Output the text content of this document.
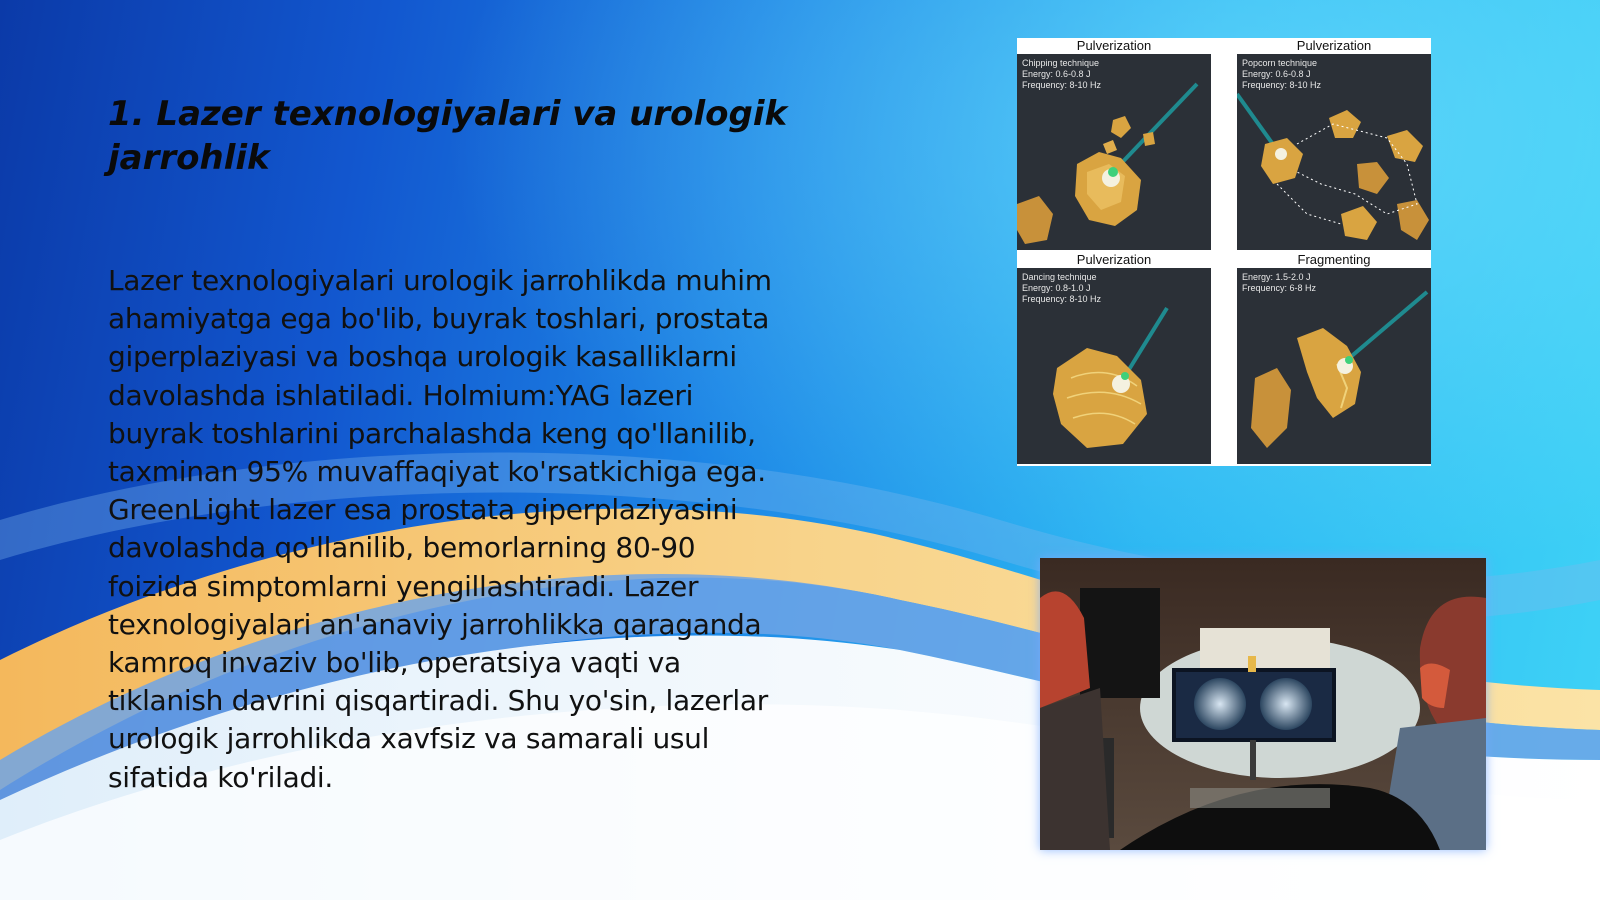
1. Lazer texnologiyalari va urologik jarrohlik

Lazer texnologiyalari urologik jarrohlikda muhim ahamiyatga ega bo'lib, buyrak toshlari, prostata giperplaziyasi va boshqa urologik kasalliklarni davolashda ishlatiladi. Holmium:YAG lazeri buyrak toshlarini parchalashda keng qo'llanilib, taxminan 95% muvaffaqiyat ko'rsatkichiga ega. GreenLight lazer esa prostata giperplaziyasini davolashda qo'llanilib, bemorlarning 80-90 foizida simptomlarni yengillashtiradi. Lazer texnologiyalari an'anaviy jarrohlikka qaraganda kamroq invaziv bo'lib, operatsiya vaqti va tiklanish davrini qisqartiradi. Shu yo'sin, lazerlar urologik jarrohlikda xavfsiz va samarali usul sifatida ko'riladi.

Pulverization
Chipping technique
Energy: 0.6-0.8 J
Frequency: 8-10 Hz
Pulverization
Popcorn technique
Energy: 0.6-0.8 J
Frequency: 8-10 Hz
Pulverization
Dancing technique
Energy: 0.8-1.0 J
Frequency: 8-10 Hz
Fragmenting
Energy: 1.5-2.0 J
Frequency: 6-8 Hz
